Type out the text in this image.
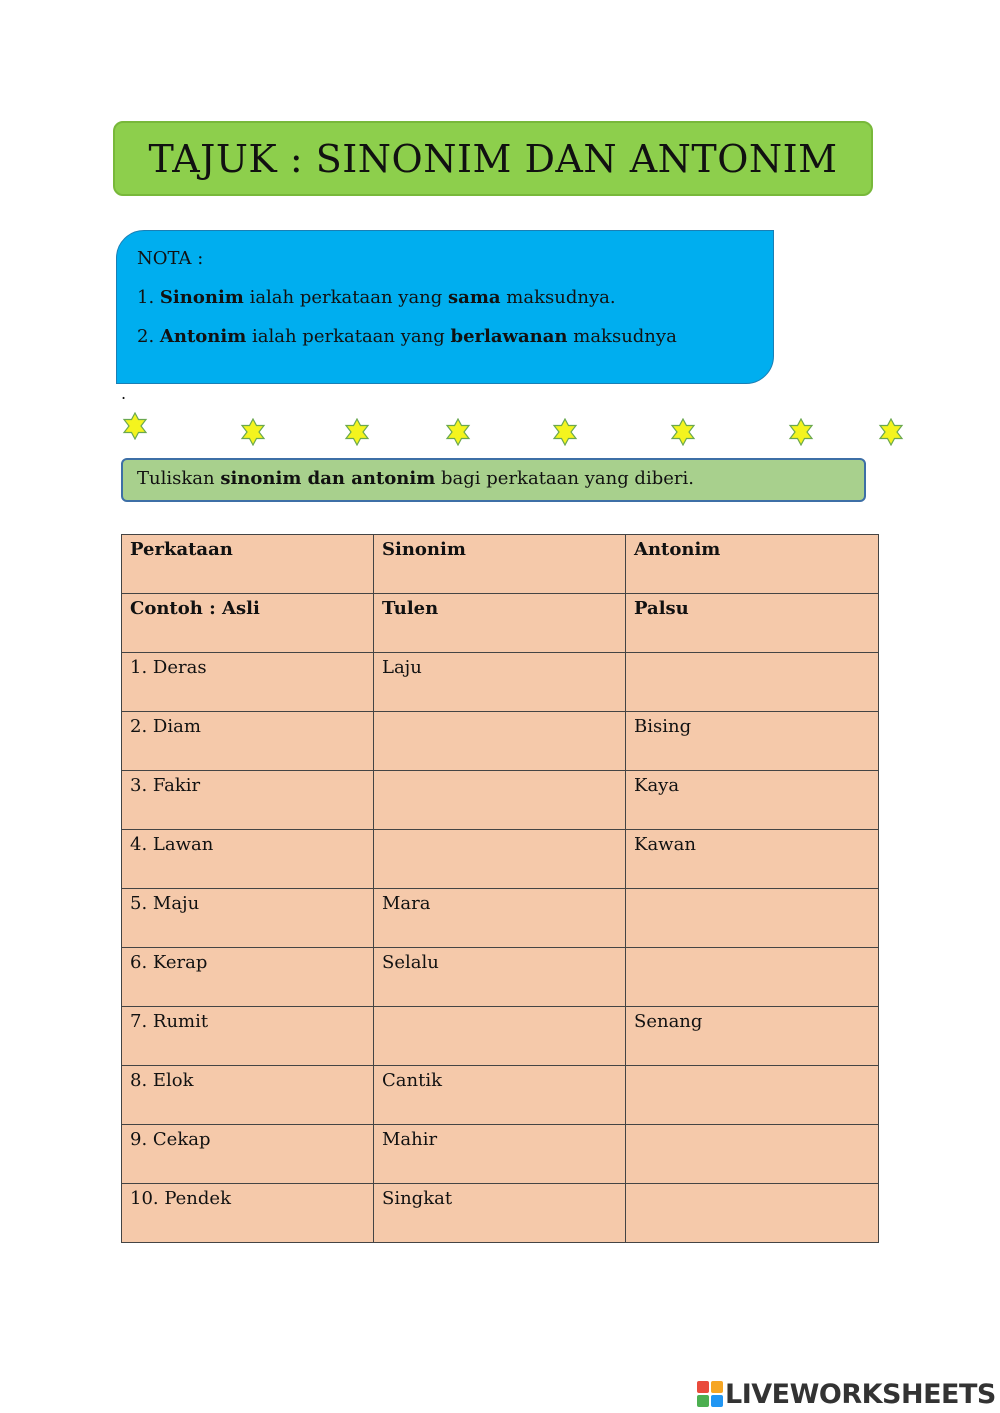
TAJUK : SINONIM DAN ANTONIM
NOTA :
1. Sinonim ialah perkataan yang sama maksudnya.
2. Antonim ialah perkataan yang berlawanan maksudnya
.
Tuliskan sinonim dan antonim bagi perkataan yang diberi.
Perkataan	Sinonim	Antonim
Contoh : Asli	Tulen	Palsu
1. Deras	Laju	
2. Diam		Bising
3. Fakir		Kaya
4. Lawan		Kawan
5. Maju	Mara	
6. Kerap	Selalu	
7. Rumit		Senang
8. Elok	Cantik	
9. Cekap	Mahir	
10. Pendek	Singkat	
LIVEWORKSHEETS
